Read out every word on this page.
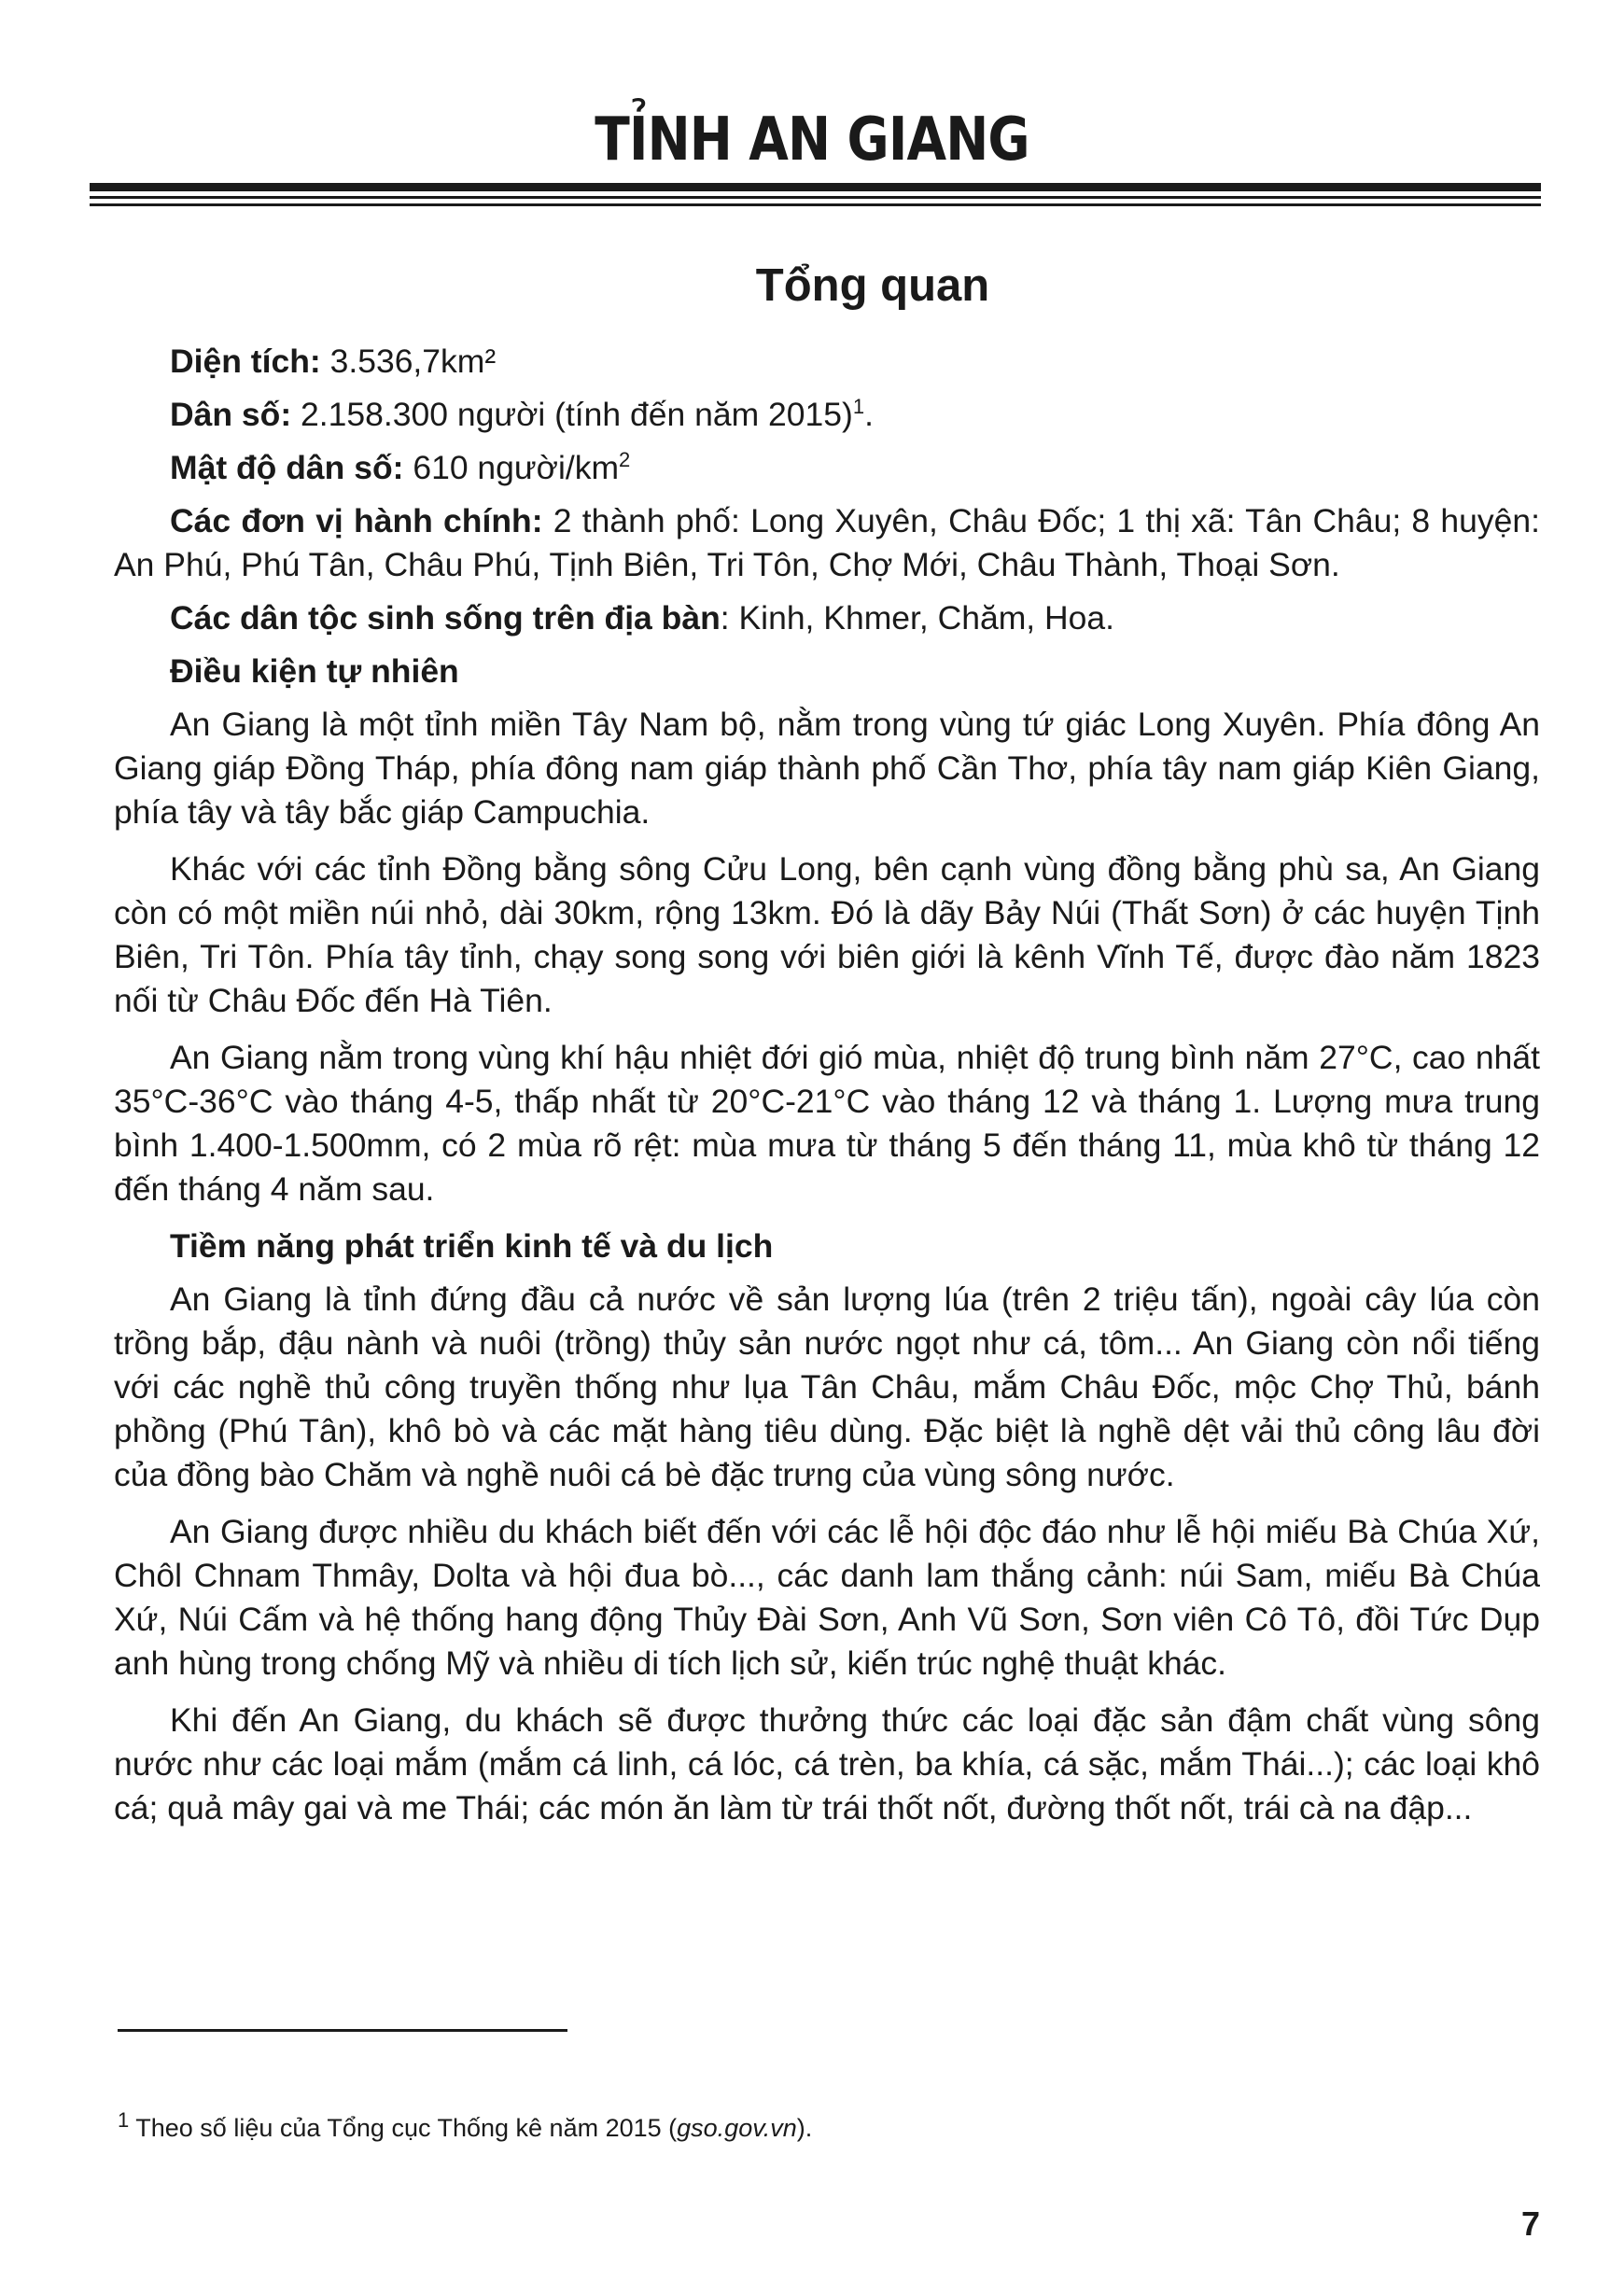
TỈNH AN GIANG
Tổng quan

Diện tích: 3.536,7km²

Dân số: 2.158.300 người (tính đến năm 2015)$^1$.

Mật độ dân số: 610 người/$km^2$

Các đơn vị hành chính: 2 thành phố: Long Xuyên, Châu Đốc; 1 thị xã: Tân Châu; 8 huyện: An Phú, Phú Tân, Châu Phú, Tịnh Biên, Tri Tôn, Chợ Mới, Châu Thành, Thoại Sơn.

Các dân tộc sinh sống trên địa bàn: Kinh, Khmer, Chăm, Hoa.

Điều kiện tự nhiên

An Giang là một tỉnh miền Tây Nam bộ, nằm trong vùng tứ giác Long Xuyên. Phía đông An Giang giáp Đồng Tháp, phía đông nam giáp thành phố Cần Thơ, phía tây nam giáp Kiên Giang, phía tây và tây bắc giáp Campuchia.

Khác với các tỉnh Đồng bằng sông Cửu Long, bên cạnh vùng đồng bằng phù sa, An Giang còn có một miền núi nhỏ, dài 30km, rộng 13km. Đó là dãy Bảy Núi (Thất Sơn) ở các huyện Tịnh Biên, Tri Tôn. Phía tây tỉnh, chạy song song với biên giới là kênh Vĩnh Tế, được đào năm 1823 nối từ Châu Đốc đến Hà Tiên.

An Giang nằm trong vùng khí hậu nhiệt đới gió mùa, nhiệt độ trung bình năm 27°C, cao nhất 35°C-36°C vào tháng 4-5, thấp nhất từ 20°C-21°C vào tháng 12 và tháng 1. Lượng mưa trung bình 1.400-1.500mm, có 2 mùa rõ rệt: mùa mưa từ tháng 5 đến tháng 11, mùa khô từ tháng 12 đến tháng 4 năm sau.

Tiềm năng phát triển kinh tế và du lịch

An Giang là tỉnh đứng đầu cả nước về sản lượng lúa (trên 2 triệu tấn), ngoài cây lúa còn trồng bắp, đậu nành và nuôi (trồng) thủy sản nước ngọt như cá, tôm... An Giang còn nổi tiếng với các nghề thủ công truyền thống như lụa Tân Châu, mắm Châu Đốc, mộc Chợ Thủ, bánh phồng (Phú Tân), khô bò và các mặt hàng tiêu dùng. Đặc biệt là nghề dệt vải thủ công lâu đời của đồng bào Chăm và nghề nuôi cá bè đặc trưng của vùng sông nước.

An Giang được nhiều du khách biết đến với các lễ hội độc đáo như lễ hội miếu Bà Chúa Xứ, Chôl Chnam Thmây, Dolta và hội đua bò..., các danh lam thắng cảnh: núi Sam, miếu Bà Chúa Xứ, Núi Cấm và hệ thống hang động Thủy Đài Sơn, Anh Vũ Sơn, Sơn viên Cô Tô, đồi Tức Dụp anh hùng trong chống Mỹ và nhiều di tích lịch sử, kiến trúc nghệ thuật khác.

Khi đến An Giang, du khách sẽ được thưởng thức các loại đặc sản đậm chất vùng sông nước như các loại mắm (mắm cá linh, cá lóc, cá trèn, ba khía, cá sặc, mắm Thái...); các loại khô cá; quả mây gai và me Thái; các món ăn làm từ trái thốt nốt, đường thốt nốt, trái cà na đập...

$^1$ Theo số liệu của Tổng cục Thống kê năm 2015 (gso.gov.vn).
7
